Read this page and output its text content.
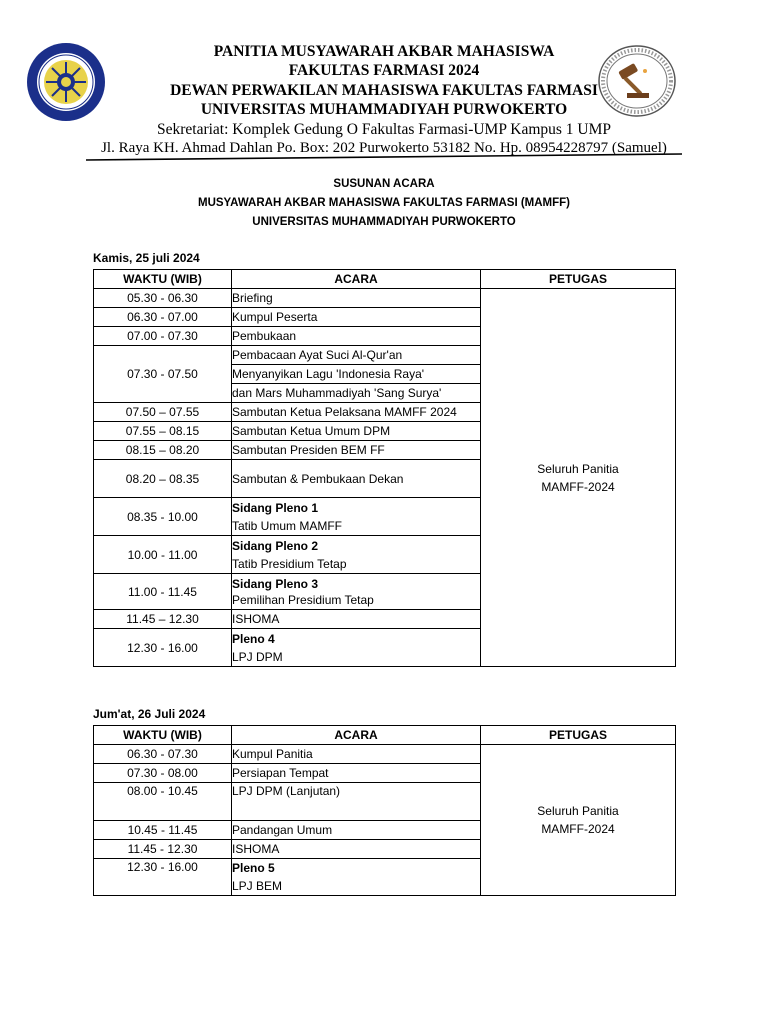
PANITIA MUSYAWARAH AKBAR MAHASISWA
FAKULTAS FARMASI 2024
DEWAN PERWAKILAN MAHASISWA FAKULTAS FARMASI
UNIVERSITAS MUHAMMADIYAH PURWOKERTO
Sekretariat: Komplek Gedung O Fakultas Farmasi-UMP Kampus 1 UMP
Jl. Raya KH. Ahmad Dahlan Po. Box: 202 Purwokerto 53182 No. Hp. 08954228797 (Samuel)
SUSUNAN ACARA
MUSYAWARAH AKBAR MAHASISWA FAKULTAS FARMASI (MAMFF)
UNIVERSITAS MUHAMMADIYAH PURWOKERTO
Kamis, 25 juli 2024
WAKTU (WIB)	ACARA	PETUGAS
05.30 - 06.30	Briefing	Seluruh Panitia
MAMFF-2024

06.30 - 07.00	Kumpul Peserta	
07.00 - 07.30	Pembukaan	
07.30 - 07.50	Pembacaan Ayat Suci Al-Qur'an	
	Menyanyikan Lagu 'Indonesia Raya'	
	dan Mars Muhammadiyah 'Sang Surya'	
07.50 – 07.55	Sambutan Ketua Pelaksana MAMFF 2024	
07.55 – 08.15	Sambutan Ketua Umum DPM	
08.15 – 08.20	Sambutan Presiden BEM FF	
08.20 – 08.35	Sambutan & Pembukaan Dekan	
08.35 - 10.00	Sidang Pleno 1
Tatib Umum MAMFF	

10.00 - 11.00	Sidang Pleno 2
Tatib Presidium Tetap	

11.00 - 11.45	Sidang Pleno 3
Pemilihan Presidium Tetap	

11.45 – 12.30	ISHOMA	
12.30 - 16.00	Pleno 4
LPJ DPM	
Jum'at, 26 Juli 2024
WAKTU (WIB)	ACARA	PETUGAS
06.30 - 07.30	Kumpul Panitia	Seluruh Panitia
MAMFF-2024

07.30 - 08.00	Persiapan Tempat	
08.00 - 10.45	LPJ DPM (Lanjutan)	
10.45 - 11.45	Pandangan Umum	
11.45 - 12.30	ISHOMA	
12.30 - 16.00	Pleno 5
LPJ BEM	
